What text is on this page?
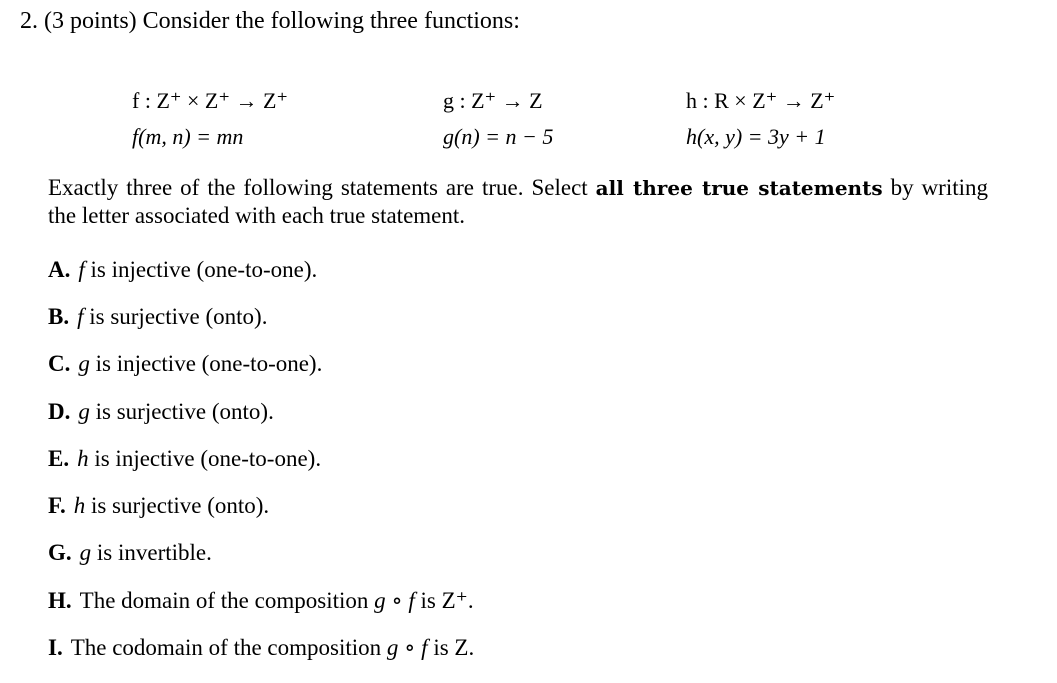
2. (3 points) Consider the following three functions:
f : Z⁺ × Z⁺ → Z⁺
f(m, n) = mn
g : Z⁺ → Z
g(n) = n − 5
h : R × Z⁺ → Z⁺
h(x, y) = 3y + 1
Exactly three of the following statements are true. Select all three true statements by writing the letter associated with each true statement.
A. f is injective (one-to-one).
B. f is surjective (onto).
C. g is injective (one-to-one).
D. g is surjective (onto).
E. h is injective (one-to-one).
F. h is surjective (onto).
G. g is invertible.
H. The domain of the composition g ∘ f is Z⁺.
I. The codomain of the composition g ∘ f is Z.
